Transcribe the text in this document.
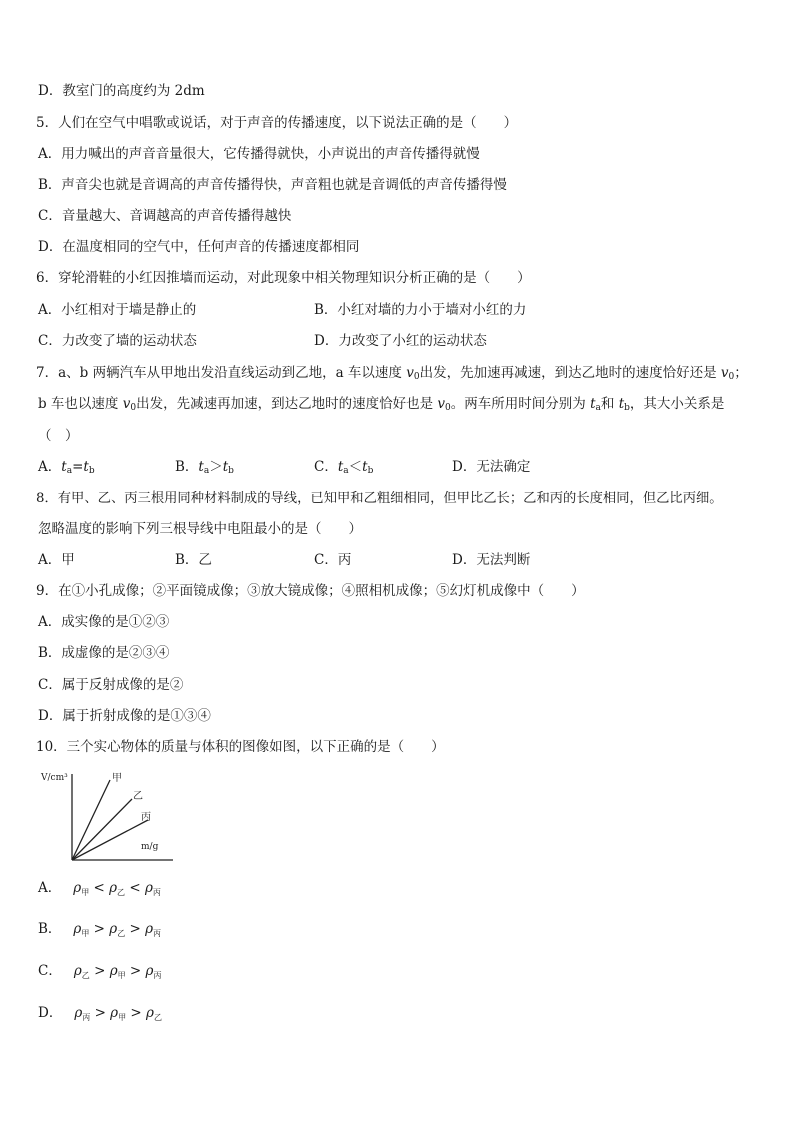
D．教室门的高度约为 2dm
5．人们在空气中唱歌或说话，对于声音的传播速度，以下说法正确的是（　　）
A．用力喊出的声音音量很大，它传播得就快，小声说出的声音传播得就慢
B．声音尖也就是音调高的声音传播得快，声音粗也就是音调低的声音传播得慢
C．音量越大、音调越高的声音传播得越快
D．在温度相同的空气中，任何声音的传播速度都相同
6．穿轮滑鞋的小红因推墙而运动，对此现象中相关物理知识分析正确的是（　　）
A．小红相对于墙是静止的	B．小红对墙的力小于墙对小红的力
C．力改变了墙的运动状态	D．力改变了小红的运动状态
7．a、b 两辆汽车从甲地出发沿直线运动到乙地，a 车以速度 $v_0$出发，先加速再减速，到达乙地时的速度恰好还是 $v_0$；
b 车也以速度 $v_0$出发，先减速再加速，到达乙地时的速度恰好也是 $v_0$。两车所用时间分别为 $t_a$和 $t_b$，其大小关系是
（　）
A．$t_a=t_b$	B．$t_a>t_b$	C．$t_a<t_b$	D．无法确定
8．有甲、乙、丙三根用同种材料制成的导线，已知甲和乙粗细相同，但甲比乙长；乙和丙的长度相同，但乙比丙细。
忽略温度的影响下列三根导线中电阻最小的是（　　）
A．甲	B．乙	C．丙	D．无法判断
9．在①小孔成像；②平面镜成像；③放大镜成像；④照相机成像；⑤幻灯机成像中（　　）
A．成实像的是①②③
B．成虚像的是②③④
C．属于反射成像的是②
D．属于折射成像的是①③④
10．三个实心物体的质量与体积的图像如图，以下正确的是（　　）
V/cm³
m/g
甲
乙
丙
A． $\rho_甲 < \rho_乙 < \rho_丙$
B． $\rho_甲 > \rho_乙 > \rho_丙$
C． $\rho_乙 > \rho_甲 > \rho_丙$
D． $\rho_丙 > \rho_甲 > \rho_乙$
